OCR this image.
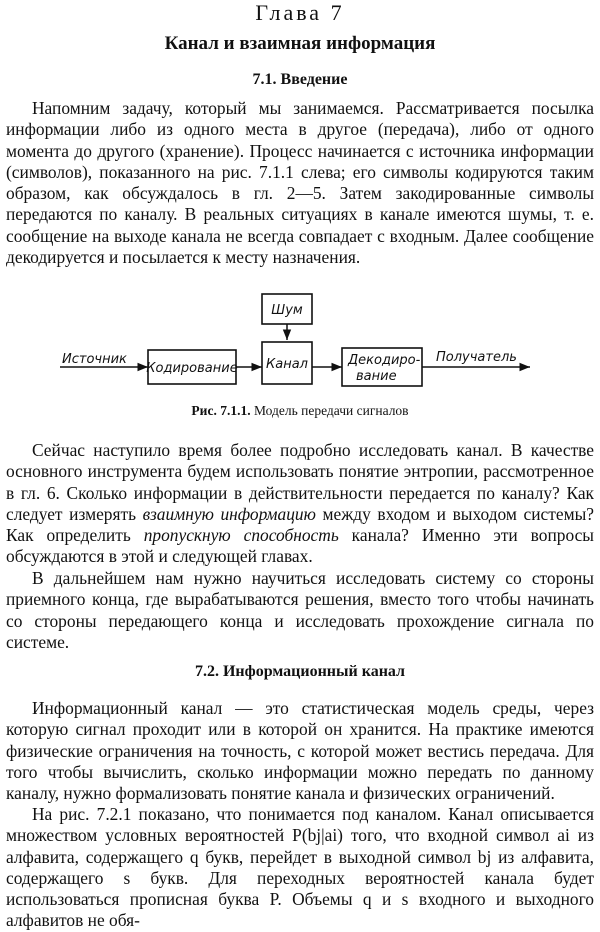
Глава 7
Канал и взаимная информация
7.1. Введение

Напомним задачу, который мы занимаемся. Рассматривается посылка информации либо из одного места в другое (передача), либо от одного момента до другого (хранение). Процесс начинается с источника информации (символов), показанного на рис. 7.1.1 слева; его символы кодируются таким образом, как обсуждалось в гл. 2—5. Затем закодированные символы передаются по каналу. В реальных ситуациях в канале имеются шумы, т. е. сообщение на выходе канала не всегда совпадает с входным. Далее сообщение декодируется и посылается к месту назначения.

Шум
Источник
Кодирование Канал	Декодиро-
вание
Получатель
Рис. 7.1.1. Модель передачи сигналов

Сейчас наступило время более подробно исследовать канал. В качестве основного инструмента будем использовать понятие энтропии, рассмотренное в гл. 6. Сколько информации в действительности передается по каналу? Как следует измерять взаимную информацию между входом и выходом системы? Как определить пропускную способность канала? Именно эти вопросы обсуждаются в этой и следующей главах.

В дальнейшем нам нужно научиться исследовать систему со стороны приемного конца, где вырабатываются решения, вместо того чтобы начинать со стороны передающего конца и исследовать прохождение сигнала по системе.

7.2. Информационный канал

Информационный канал — это статистическая модель среды, через которую сигнал проходит или в которой он хранится. На практике имеются физические ограничения на точность, с которой может вестись передача. Для того чтобы вычислить, сколько информации можно передать по данному каналу, нужно формализовать понятие канала и физических ограничений.

На рис. 7.2.1 показано, что понимается под каналом. Канал описывается множеством условных вероятностей P(bj|ai) того, что входной символ ai из алфавита, содержащего q букв, перейдет в выходной символ bj из алфавита, содержащего s букв. Для переходных вероятностей канала будет использоваться прописная буква P. Объемы q и s входного и выходного алфавитов не обя-
